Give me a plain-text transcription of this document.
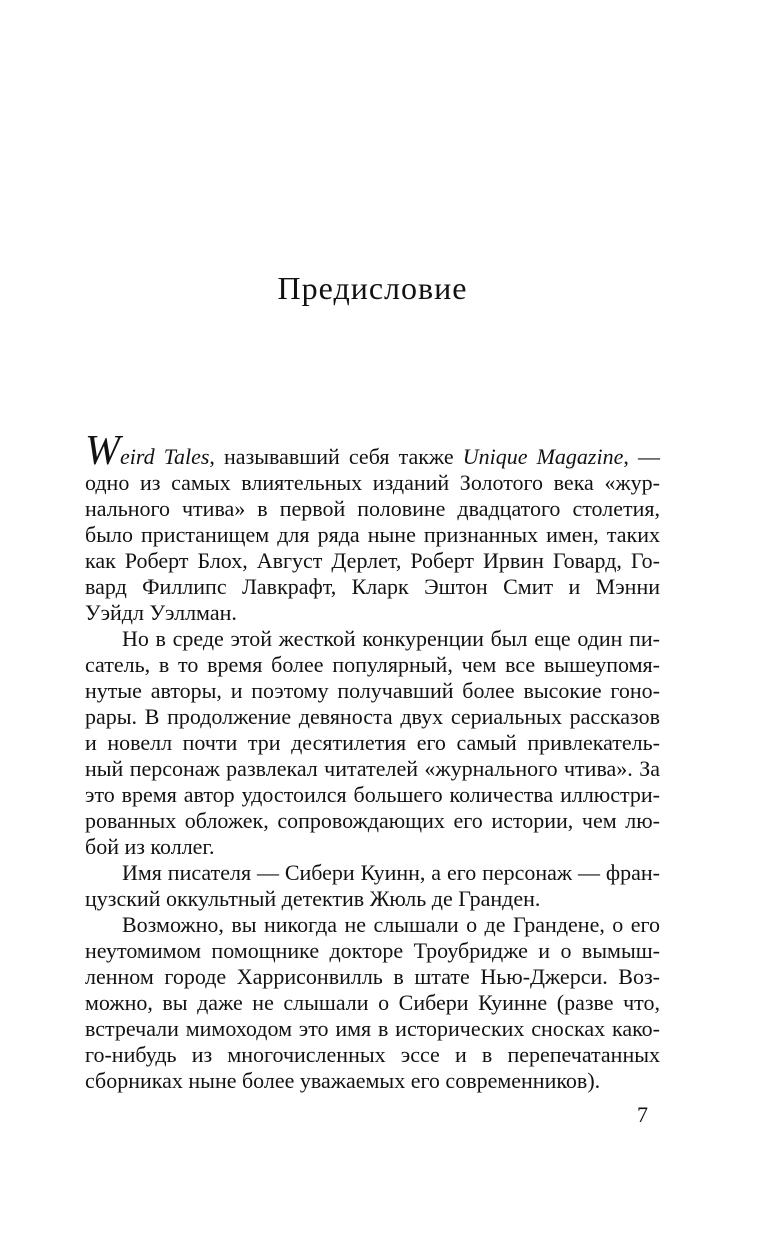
Предисловие
Weird Tales, называвший себя также Unique Magazine, —
одно из самых влиятельных изданий Золотого века «жур-
нального чтива» в первой половине двадцатого столетия,
было пристанищем для ряда ныне признанных имен, таких
как Роберт Блох, Август Дерлет, Роберт Ирвин Говард, Го-
вард Филлипс Лавкрафт, Кларк Эштон Смит и Мэнни
Уэйдл Уэллман.
Но в среде этой жесткой конкуренции был еще один пи-
сатель, в то время более популярный, чем все вышеупомя-
нутые авторы, и поэтому получавший более высокие гоно-
рары. В продолжение девяноста двух сериальных рассказов
и новелл почти три десятилетия его самый привлекатель-
ный персонаж развлекал читателей «журнального чтива». За
это время автор удостоился большего количества иллюстри-
рованных обложек, сопровождающих его истории, чем лю-
бой из коллег.
Имя писателя — Сибери Куинн, а его персонаж — фран-
цузский оккультный детектив Жюль де Гранден.
Возможно, вы никогда не слышали о де Грандене, о его
неутомимом помощнике докторе Троубридже и о вымыш-
ленном городе Харрисонвилль в штате Нью-Джерси. Воз-
можно, вы даже не слышали о Сибери Куинне (разве что,
встречали мимоходом это имя в исторических сносках како-
го-нибудь из многочисленных эссе и в перепечатанных
сборниках ныне более уважаемых его современников).
7
